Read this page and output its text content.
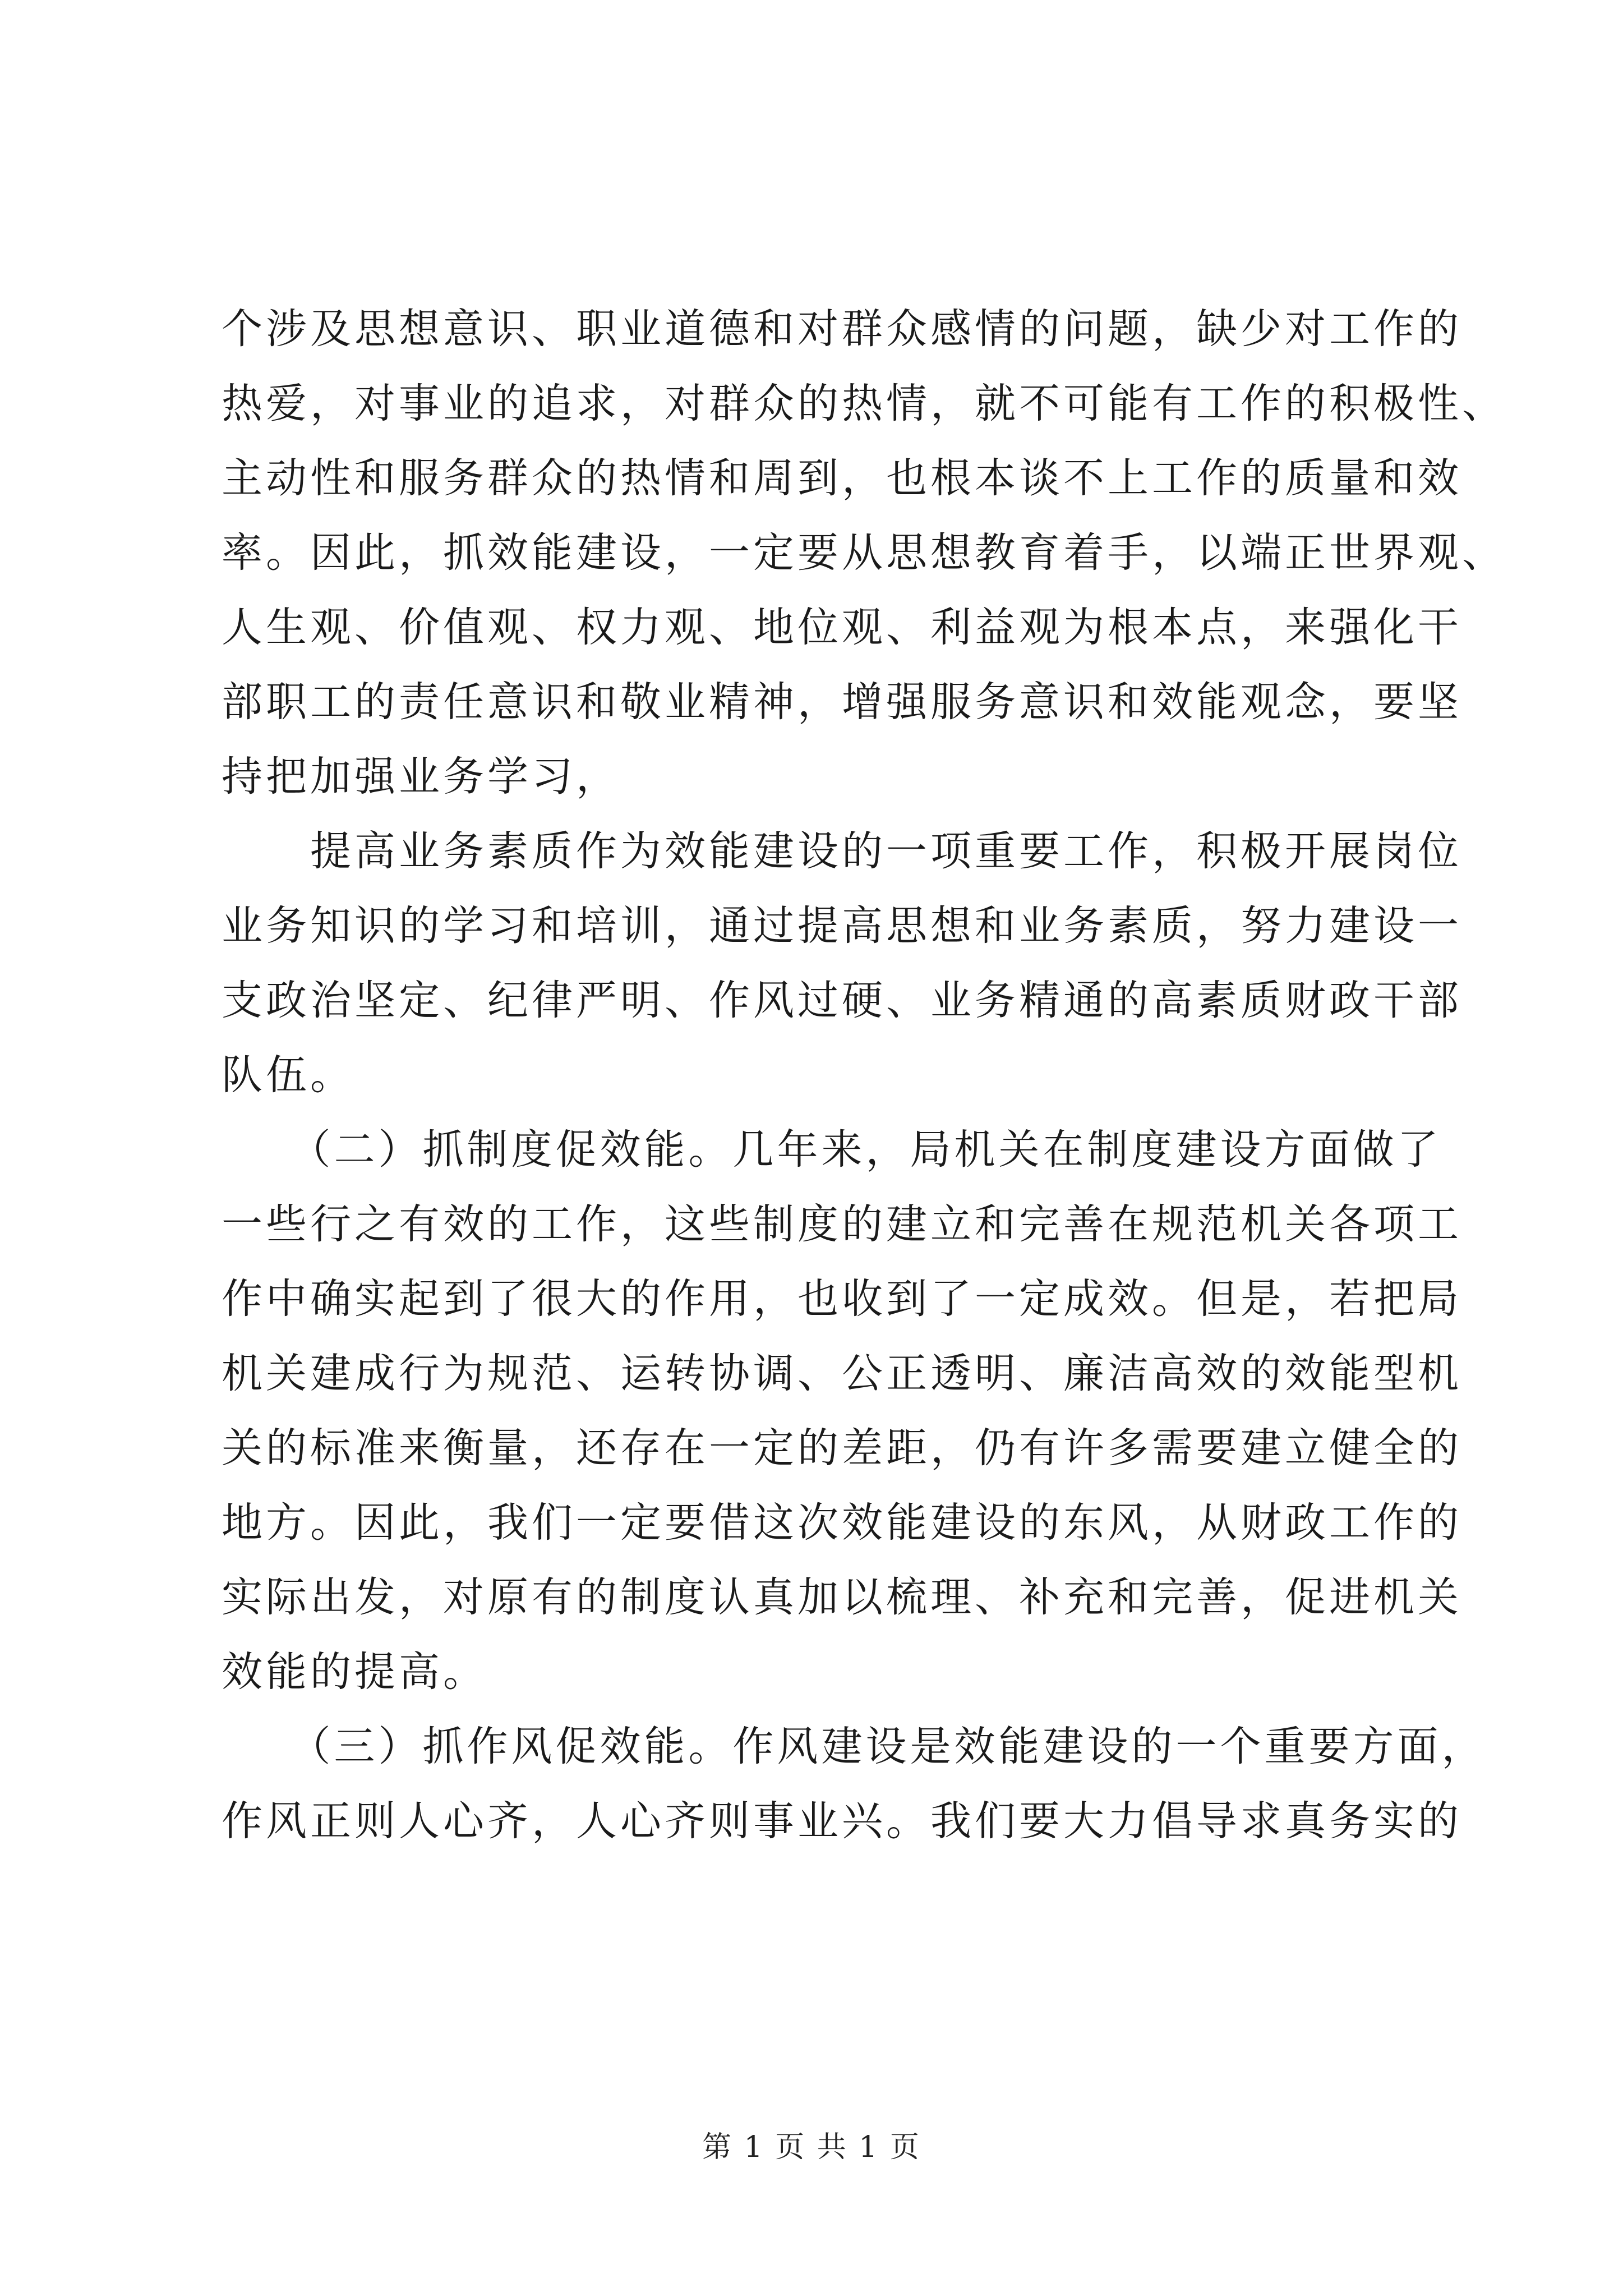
个涉及思想意识、职业道德和对群众感情的问题，缺少对工作的
热爱，对事业的追求，对群众的热情，就不可能有工作的积极性、
主动性和服务群众的热情和周到，也根本谈不上工作的质量和效
率。因此，抓效能建设，一定要从思想教育着手，以端正世界观、
人生观、价值观、权力观、地位观、利益观为根本点，来强化干
部职工的责任意识和敬业精神，增强服务意识和效能观念，要坚
持把加强业务学习，
　　提高业务素质作为效能建设的一项重要工作，积极开展岗位
业务知识的学习和培训，通过提高思想和业务素质，努力建设一
支政治坚定、纪律严明、作风过硬、业务精通的高素质财政干部
队伍。
　　（二）抓制度促效能。几年来，局机关在制度建设方面做了
一些行之有效的工作，这些制度的建立和完善在规范机关各项工
作中确实起到了很大的作用，也收到了一定成效。但是，若把局
机关建成行为规范、运转协调、公正透明、廉洁高效的效能型机
关的标准来衡量，还存在一定的差距，仍有许多需要建立健全的
地方。因此，我们一定要借这次效能建设的东风，从财政工作的
实际出发，对原有的制度认真加以梳理、补充和完善，促进机关
效能的提高。
　　（三）抓作风促效能。作风建设是效能建设的一个重要方面，
作风正则人心齐，人心齐则事业兴。我们要大力倡导求真务实的
第 1 页 共 1 页
